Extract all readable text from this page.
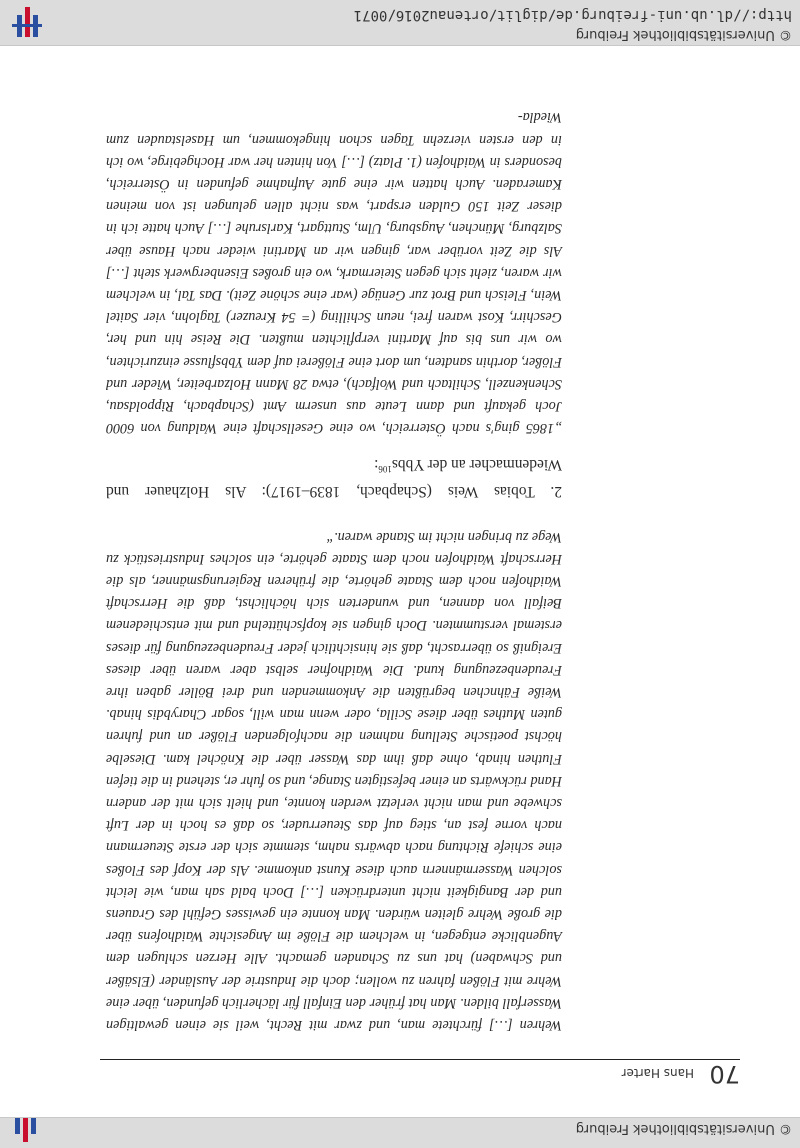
© Universitätsbibliothek Freiburg
70
Hans Harter

Wehren […] fürchtete man, und zwar mit Recht, weil sie einen gewaltigen Wasserfall bilden. Man hat früher den Einfall für lächerlich gefunden, über eine Wehre mit Flößen fahren zu wollen; doch die Industrie der Ausländer (Elsäßer und Schwaben) hat uns zu Schanden gemacht. Alle Herzen schlugen dem Augenblicke entgegen, in welchem die Flöße im Angesichte Waidhofens über die große Wehre gleiten würden. Man konnte ein gewisses Gefühl des Grauens und der Bangigkeit nicht unterdrücken […] Doch bald sah man, wie leicht solchen Wassermännern auch diese Kunst ankomme. Als der Kopf des Floßes eine schiefe Richtung nach abwärts nahm, stemmte sich der erste Steuermann nach vorne fest an, stieg auf das Steuerruder, so daß es hoch in der Luft schwebe und man nicht verletzt werden konnte, und hielt sich mit der andern Hand rückwärts an einer befestigten Stange, und so fuhr er, stehend in die tiefen Fluthen hinab, ohne daß ihm das Wasser über die Knöchel kam. Dieselbe höchst poetische Stellung nahmen die nachfolgenden Flößer an und fuhren guten Muthes über diese Scilla, oder wenn man will, sogar Charybdis hinab. Weiße Fähnchen begrüßten die Ankommenden und drei Böller gaben ihre Freudenbezeugung kund. Die Waidhofner selbst aber waren über dieses Ereigniß so überrascht, daß sie hinsichtlich jeder Freudenbezeugung für dieses erstemal verstummten. Doch gingen sie kopfschüttelnd und mit entschiedenem Beifall von dannen, und wunderten sich höchlichst, daß die Herrschaft Waidhofen noch dem Staate gehörte, die früheren Regierungsmänner, als die Herrschaft Waidhofen noch dem Staate gehörte, ein solches Industriestück zu Wege zu bringen nicht im Stande waren.“

2. Tobias Weis (Schapbach, 1839–1917): Als Holzhauer und Wiedenmacher an der Ybbs$^{106}$:

„1865 ging's nach Österreich, wo eine Gesellschaft eine Waldung von 6000 Joch gekauft und dann Leute aus unserm Amt (Schapbach, Rippoldsau, Schenkenzell, Schiltach und Wolfach), etwa 28 Mann Holzarbeiter, Wieder und Flößer, dorthin sandten, um dort eine Flößerei auf dem Ybbsflusse einzurichten, wo wir uns bis auf Martini verpflichten mußten. Die Reise hin und her, Geschirr, Kost waren frei, neun Schilling (= 54 Kreuzer) Taglohn, vier Saitel Wein, Fleisch und Brot zur Genüge (war eine schöne Zeit). Das Tal, in welchem wir waren, zieht sich gegen Steiermark, wo ein großes Eisenbergwerk steht […] Als die Zeit vorüber war, gingen wir an Martini wieder nach Hause über Salzburg, München, Augsburg, Ulm, Stuttgart, Karlsruhe […] Auch hatte ich in dieser Zeit 150 Gulden erspart, was nicht allen gelungen ist von meinen Kameraden. Auch hatten wir eine gute Aufnahme gefunden in Österreich, besonders in Waidhofen (1. Platz) […] Von hinten her war Hochgebirge, wo ich in den ersten vierzehn Tagen schon hingekommen, um Haselstauden zum Wiedla-

© Universitätsbibliothek Freiburg
http://dl.ub.uni-freiburg.de/diglit/ortenau2016/0071
